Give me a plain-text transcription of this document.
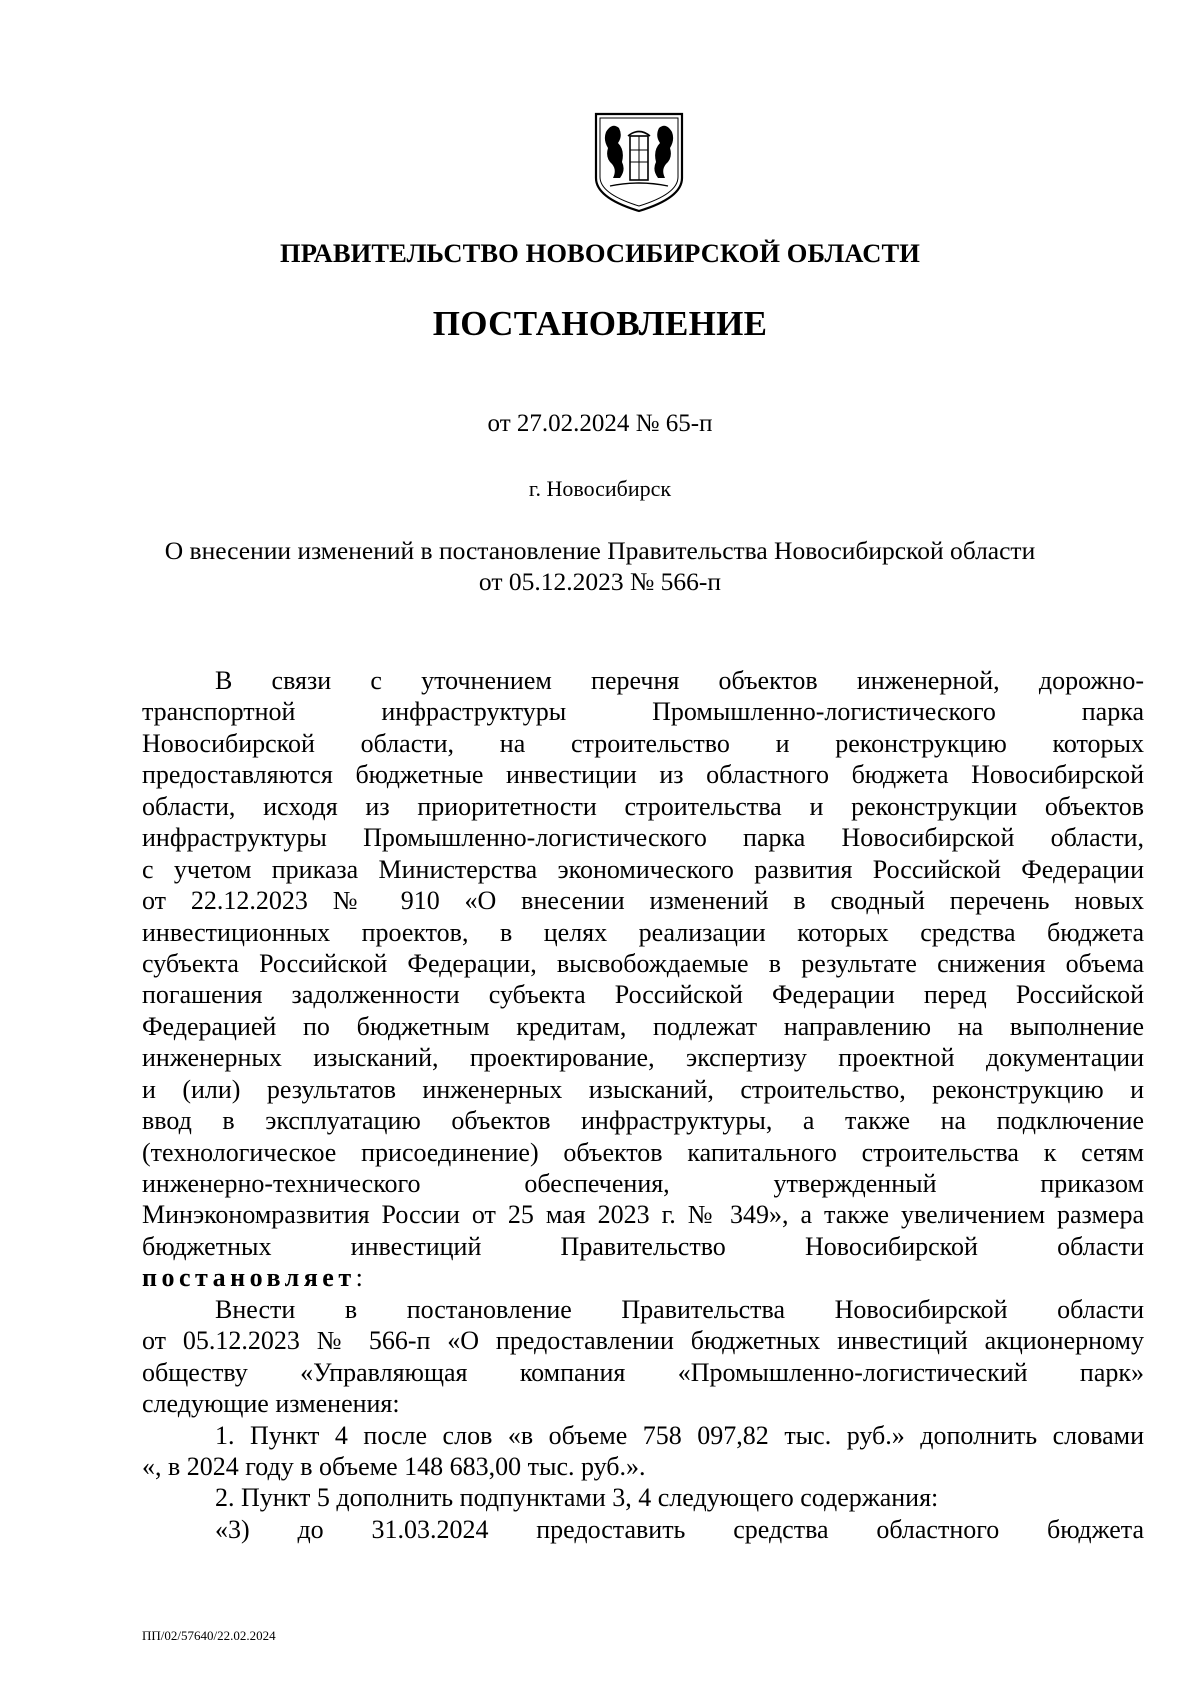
ПРАВИТЕЛЬСТВО НОВОСИБИРСКОЙ ОБЛАСТИ
ПОСТАНОВЛЕНИЕ
от 27.02.2024 № 65-п
г. Новосибирск
О внесении изменений в постановление Правительства Новосибирской области
от 05.12.2023 № 566-п
В связи с уточнением перечня объектов инженерной, дорожно-
транспортной инфраструктуры Промышленно-логистического парка
Новосибирской области, на строительство и реконструкцию которых
предоставляются бюджетные инвестиции из областного бюджета Новосибирской
области, исходя из приоритетности строительства и реконструкции объектов
инфраструктуры Промышленно-логистического парка Новосибирской области,
с учетом приказа Министерства экономического развития Российской Федерации
от 22.12.2023 № 910 «О внесении изменений в сводный перечень новых
инвестиционных проектов, в целях реализации которых средства бюджета
субъекта Российской Федерации, высвобождаемые в результате снижения объема
погашения задолженности субъекта Российской Федерации перед Российской
Федерацией по бюджетным кредитам, подлежат направлению на выполнение
инженерных изысканий, проектирование, экспертизу проектной документации
и (или) результатов инженерных изысканий, строительство, реконструкцию и
ввод в эксплуатацию объектов инфраструктуры, а также на подключение
(технологическое присоединение) объектов капитального строительства к сетям
инженерно-технического обеспечения, утвержденный приказом
Минэкономразвития России от 25 мая 2023 г. № 349», а также увеличением размера
бюджетных инвестиций Правительство Новосибирской области
постановляет:
Внести в постановление Правительства Новосибирской области
от 05.12.2023 № 566-п «О предоставлении бюджетных инвестиций акционерному
обществу «Управляющая компания «Промышленно-логистический парк»
следующие изменения:
1. Пункт 4 после слов «в объеме 758 097,82 тыс. руб.» дополнить словами
«, в 2024 году в объеме 148 683,00 тыс. руб.».
2. Пункт 5 дополнить подпунктами 3, 4 следующего содержания:
«3) до 31.03.2024 предоставить средства областного бюджета
ПП/02/57640/22.02.2024
